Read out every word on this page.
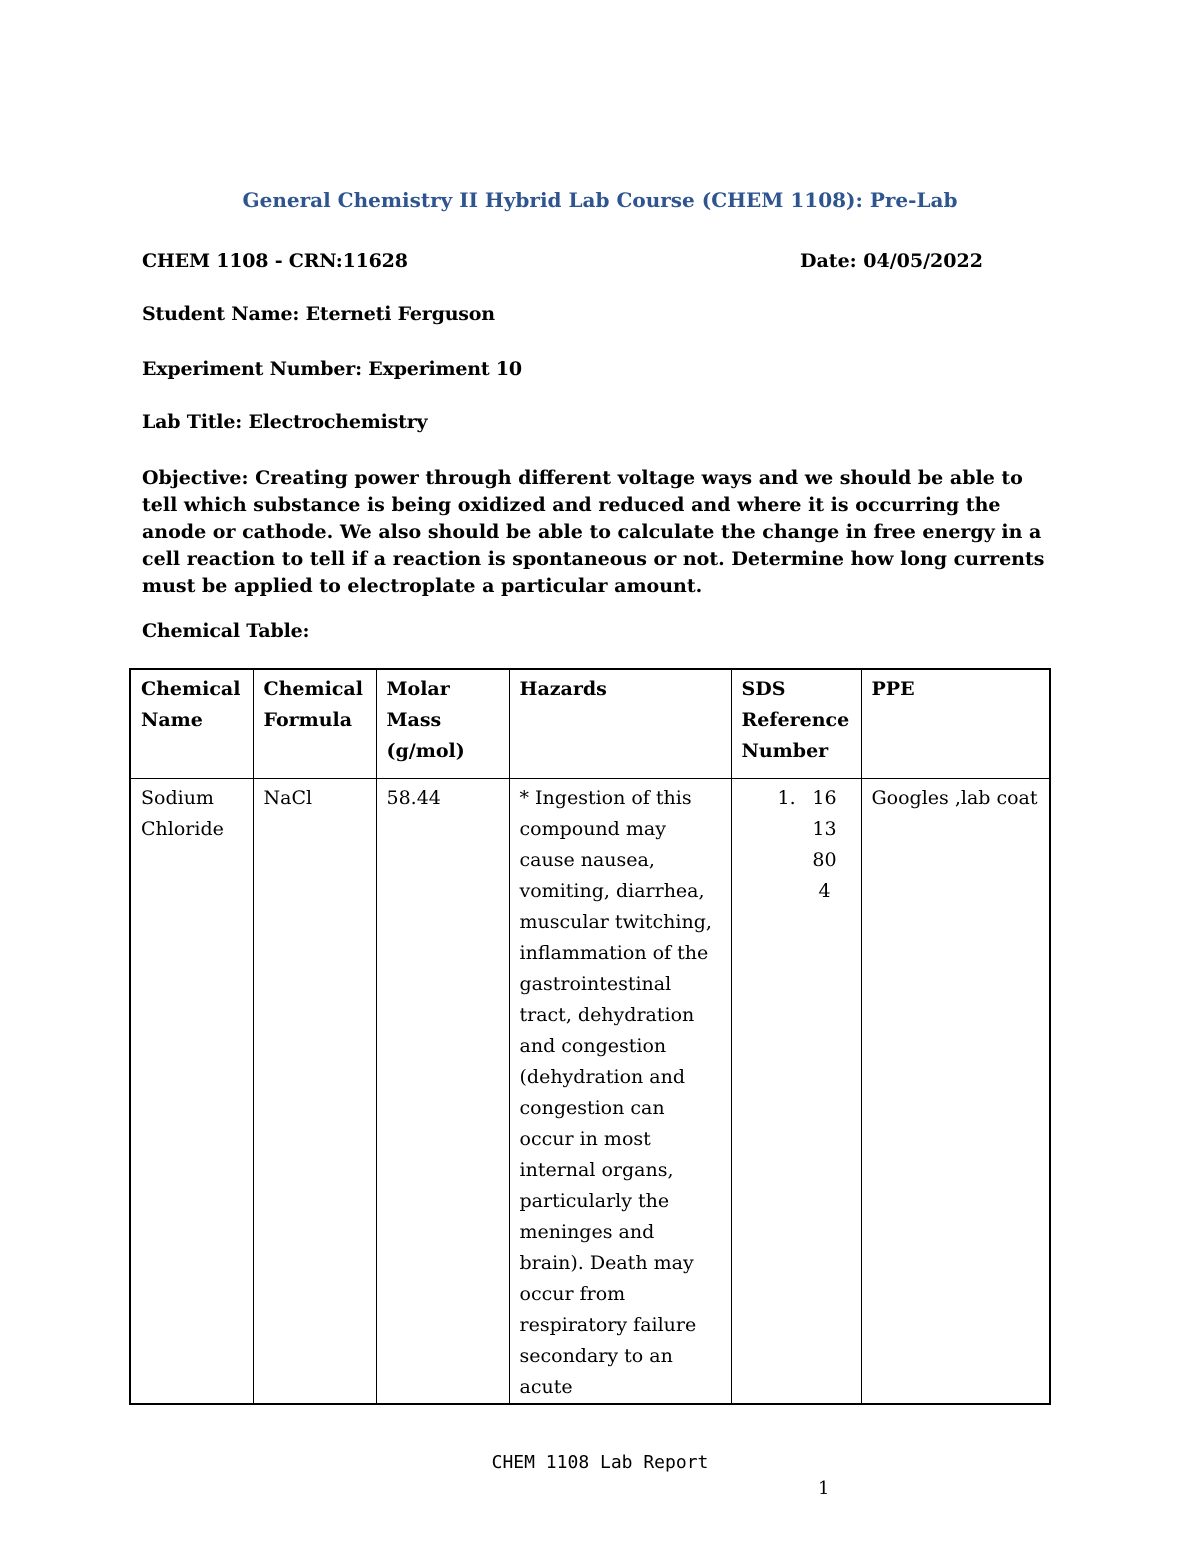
General Chemistry II Hybrid Lab Course (CHEM 1108): Pre-Lab
CHEM 1108 - CRN:11628	Date: 04/05/2022
Student Name: Eterneti Ferguson
Experiment Number: Experiment 10
Lab Title: Electrochemistry
Objective: Creating power through different voltage ways and we should be able to tell which substance is being oxidized and reduced and where it is occurring the anode or cathode. We also should be able to calculate the change in free energy in a cell reaction to tell if a reaction is spontaneous or not. Determine how long currents must be applied to electroplate a particular amount.
Chemical Table:
Chemical Name	Chemical Formula	Molar Mass (g/mol)	Hazards	SDS Reference Number	PPE
Sodium Chloride	NaCl	58.44	* Ingestion of this compound may cause nausea, vomiting, diarrhea, muscular twitching, inflammation of the gastrointestinal tract, dehydration and congestion (dehydration and congestion can occur in most internal organs, particularly the meninges and brain). Death may occur from respiratory failure secondary to an acute	1. 1613804	Googles ,lab coat
CHEM 1108 Lab Report
1
